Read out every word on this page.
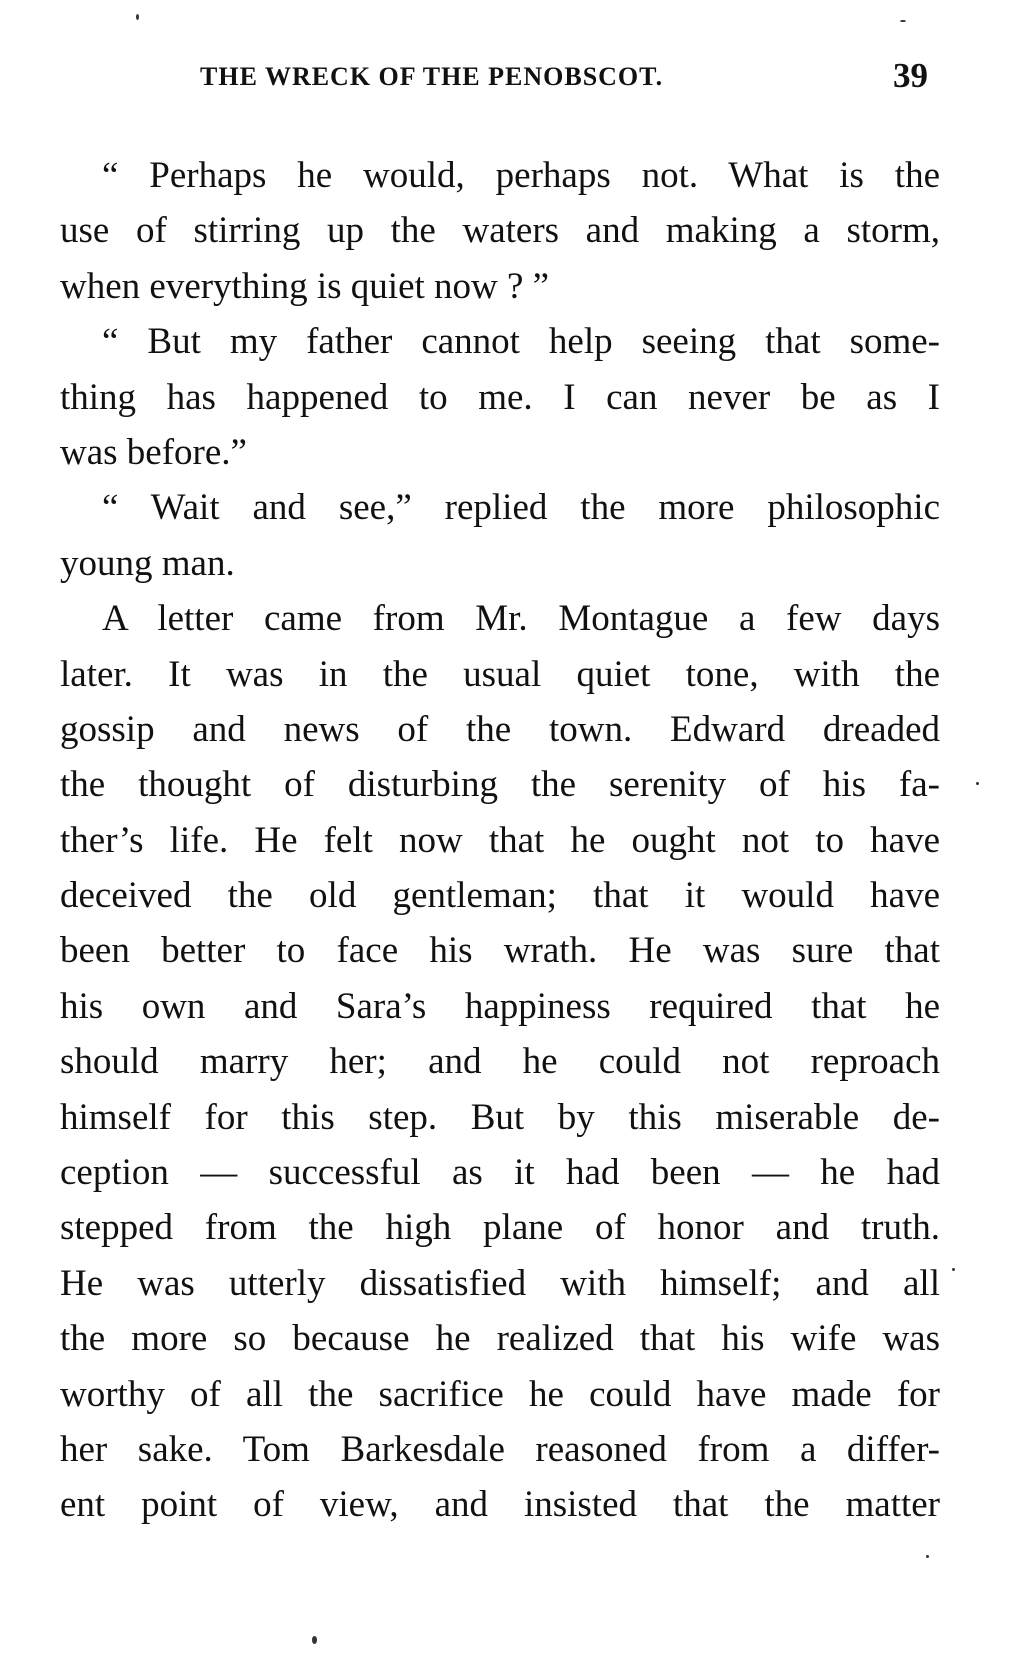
THE WRECK OF THE PENOBSCOT.	39
“ Perhaps he would, perhaps not. What is the
use of stirring up the waters and making a storm,
when everything is quiet now ? ”
“ But my father cannot help seeing that some-
thing has happened to me. I can never be as I
was before.”
“ Wait and see,” replied the more philosophic
young man.
A letter came from Mr. Montague a few days
later. It was in the usual quiet tone, with the
gossip and news of the town. Edward dreaded
the thought of disturbing the serenity of his fa-
ther’s life. He felt now that he ought not to have
deceived the old gentleman; that it would have
been better to face his wrath. He was sure that
his own and Sara’s happiness required that he
should marry her; and he could not reproach
himself for this step. But by this miserable de-
ception — successful as it had been — he had
stepped from the high plane of honor and truth.
He was utterly dissatisfied with himself; and all
the more so because he realized that his wife was
worthy of all the sacrifice he could have made for
her sake. Tom Barkesdale reasoned from a differ-
ent point of view, and insisted that the matter
